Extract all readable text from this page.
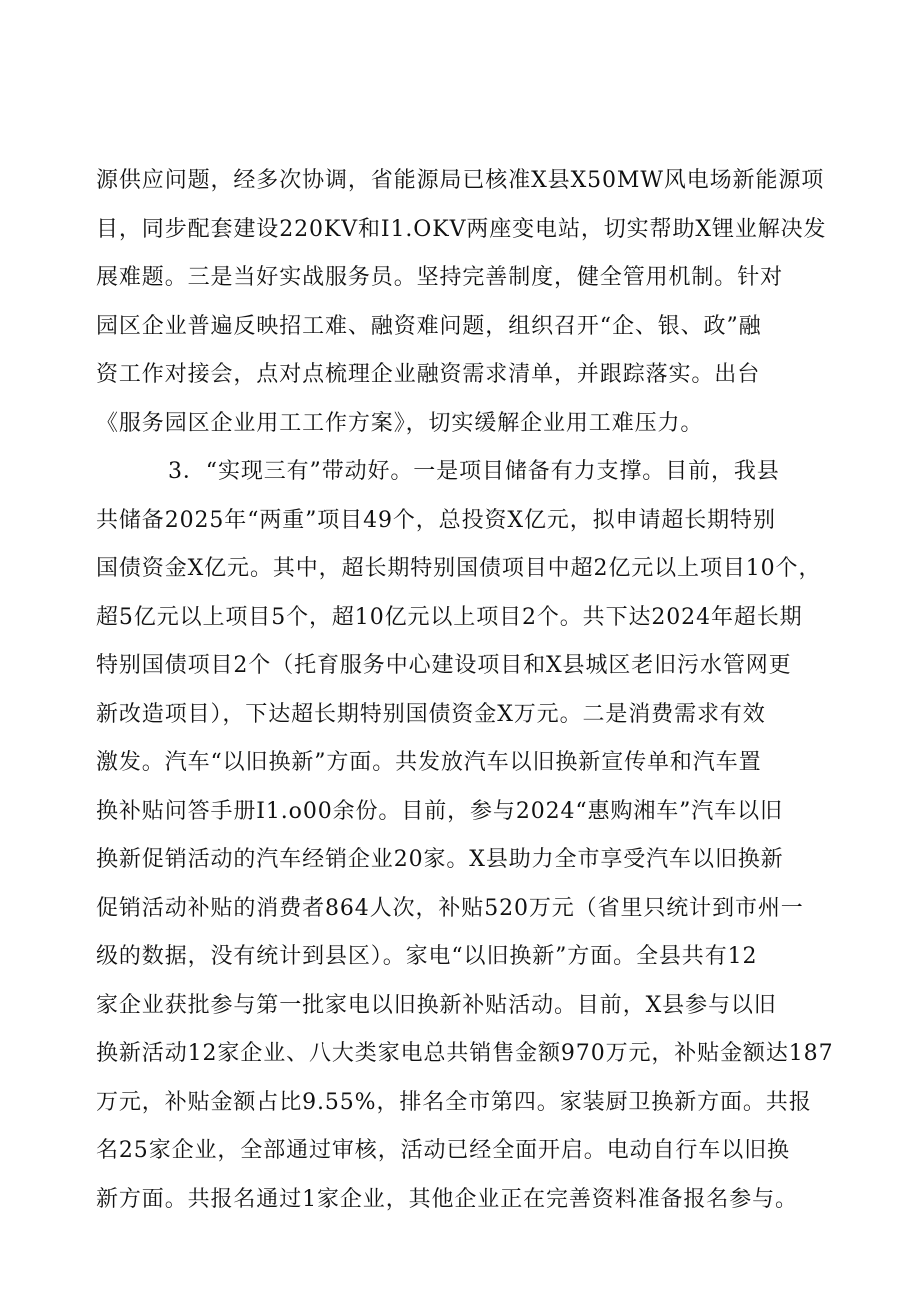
源供应问题，经多次协调，省能源局已核准X县X50MW风电场新能源项
目，同步配套建设220KV和I1.OKV两座变电站，切实帮助X锂业解决发
展难题。三是当好实战服务员。坚持完善制度，健全管用机制。针对
园区企业普遍反映招工难、融资难问题，组织召开“企、银、政”融
资工作对接会，点对点梳理企业融资需求清单，并跟踪落实。出台
《服务园区企业用工工作方案》，切实缓解企业用工难压力。
3．“实现三有”带动好。一是项目储备有力支撑。目前，我县
共储备2025年“两重”项目49个，总投资X亿元，拟申请超长期特别
国债资金X亿元。其中，超长期特别国债项目中超2亿元以上项目10个，
超5亿元以上项目5个，超10亿元以上项目2个。共下达2024年超长期
特别国债项目2个（托育服务中心建设项目和X县城区老旧污水管网更
新改造项目），下达超长期特别国债资金X万元。二是消费需求有效
激发。汽车“以旧换新”方面。共发放汽车以旧换新宣传单和汽车置
换补贴问答手册I1.o00余份。目前，参与2024“惠购湘车”汽车以旧
换新促销活动的汽车经销企业20家。X县助力全市享受汽车以旧换新
促销活动补贴的消费者864人次，补贴520万元（省里只统计到市州一
级的数据，没有统计到县区）。家电“以旧换新”方面。全县共有12
家企业获批参与第一批家电以旧换新补贴活动。目前，X县参与以旧
换新活动12家企业、八大类家电总共销售金额970万元，补贴金额达187
万元，补贴金额占比9.55%，排名全市第四。家装厨卫换新方面。共报
名25家企业，全部通过审核，活动已经全面开启。电动自行车以旧换
新方面。共报名通过1家企业，其他企业正在完善资料准备报名参与。
